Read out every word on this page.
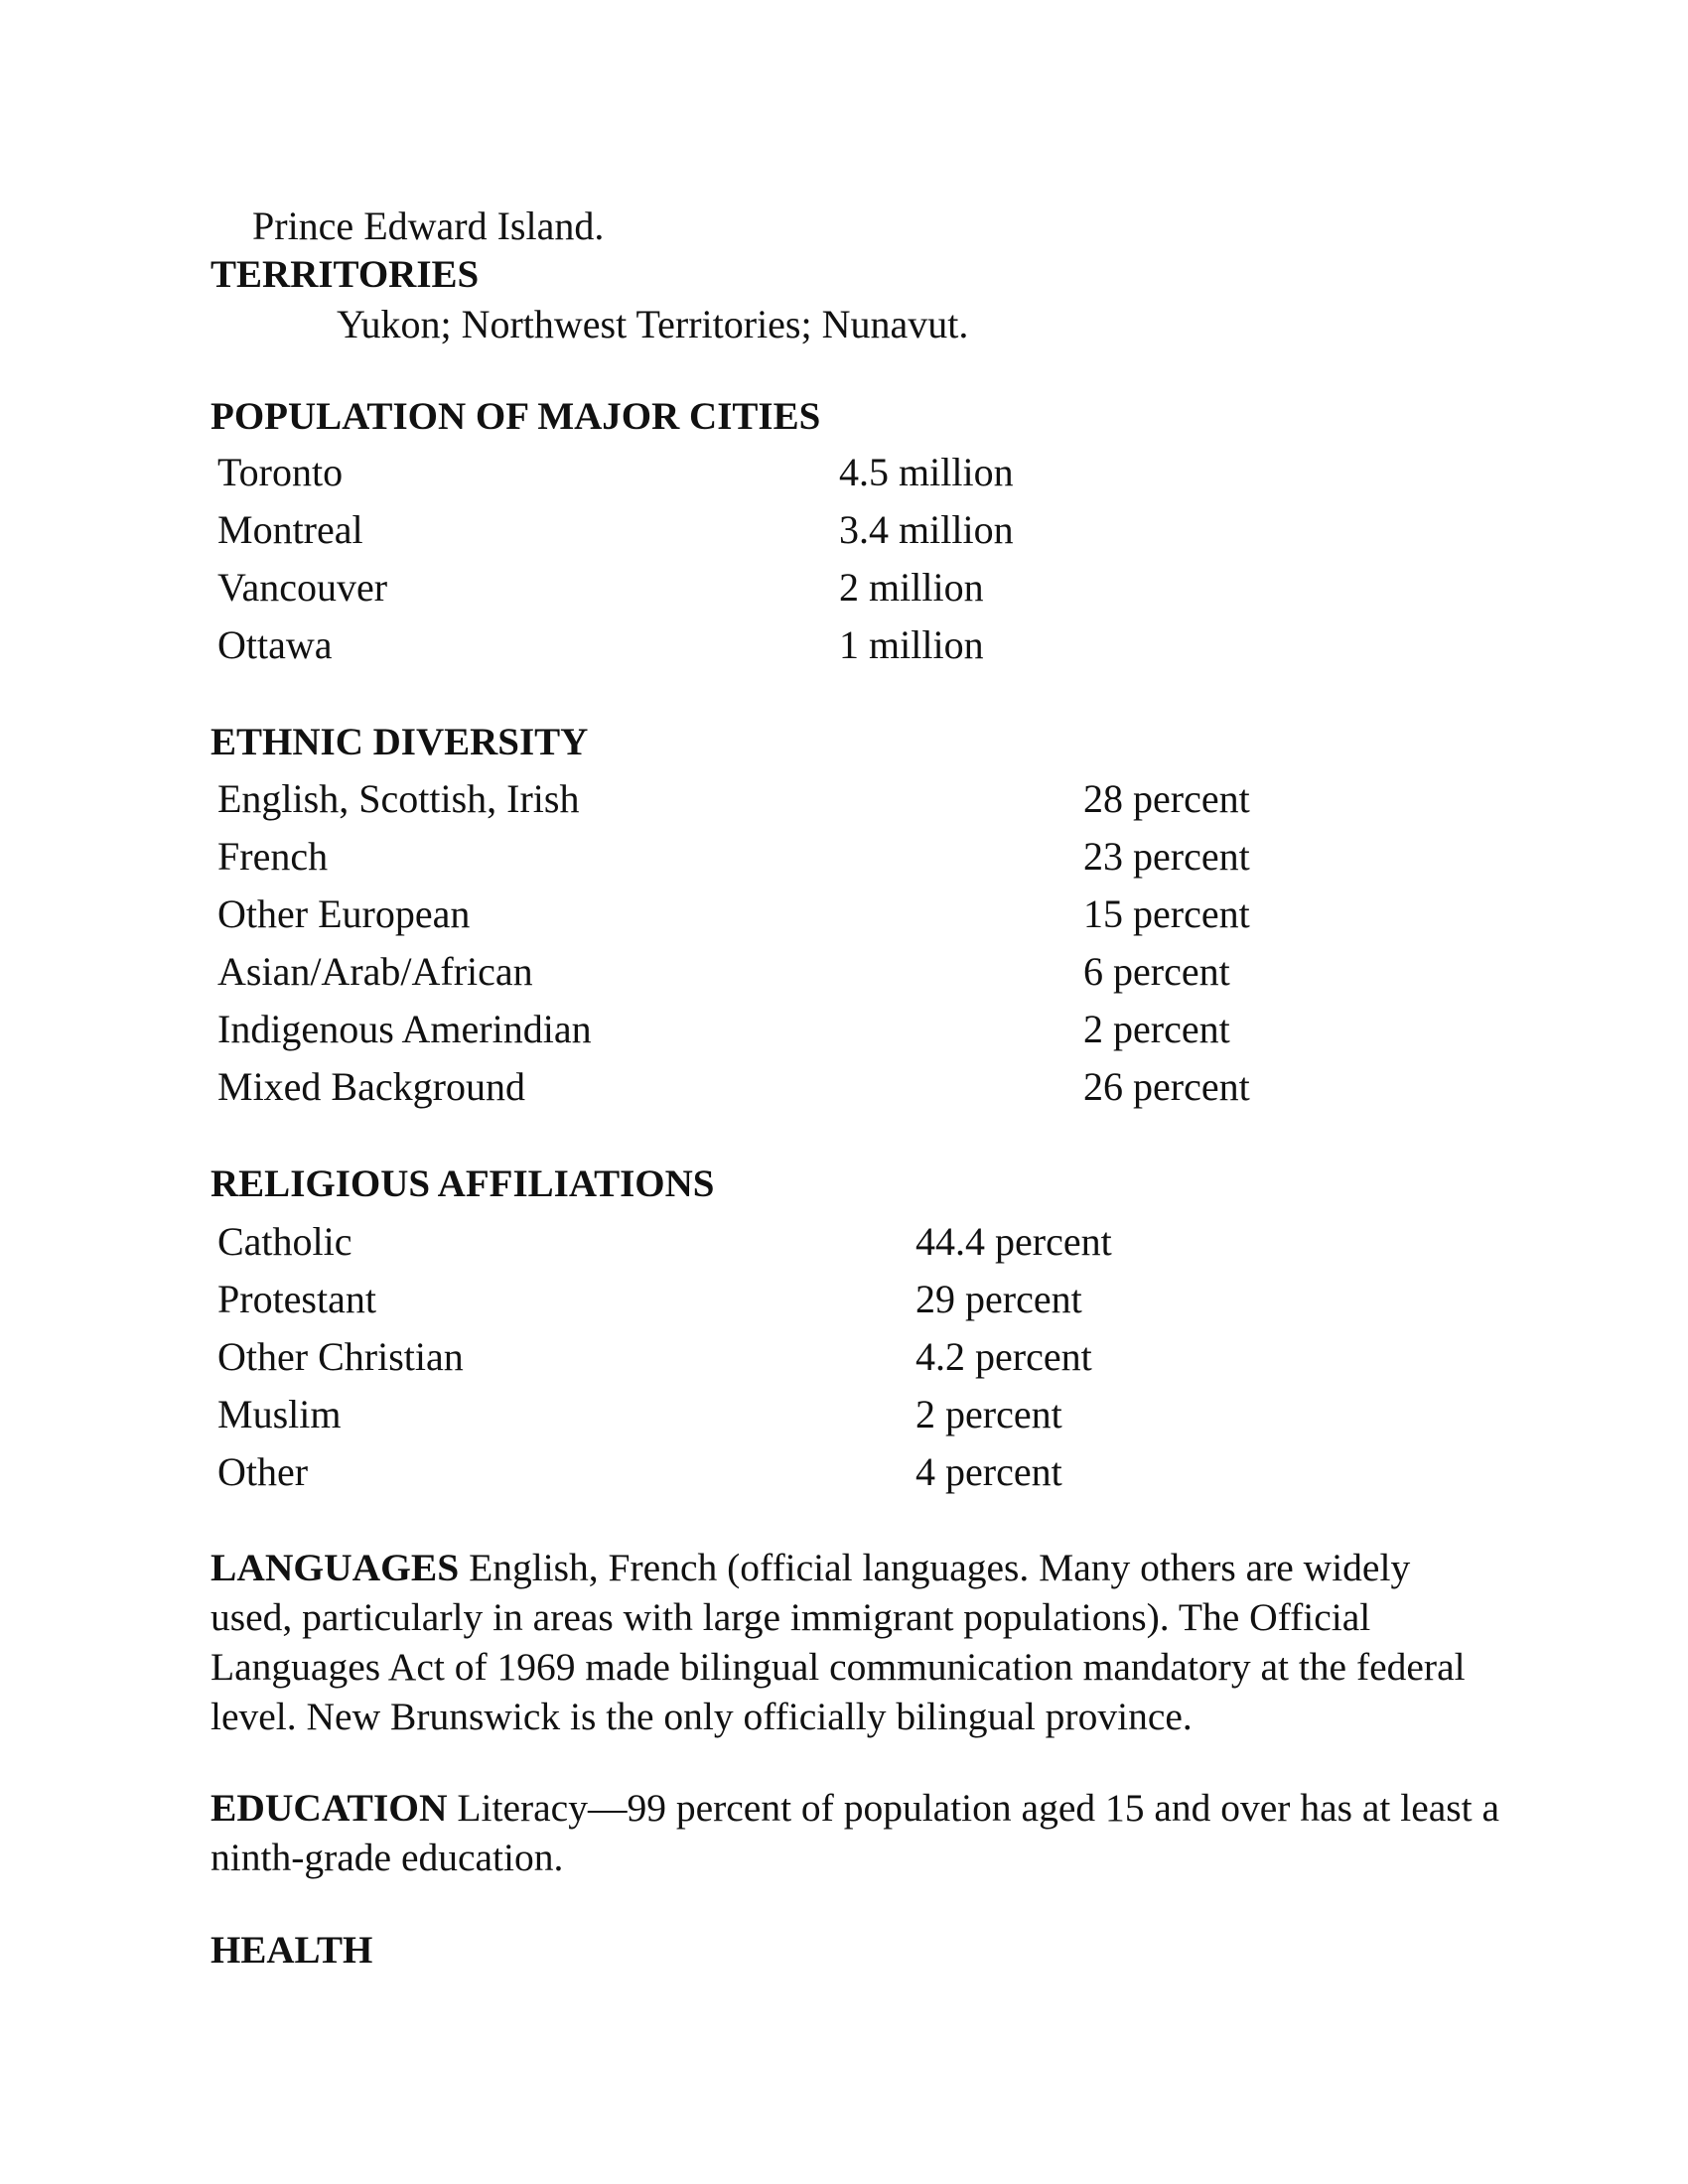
Prince Edward Island.
TERRITORIES
Yukon; Northwest Territories; Nunavut.
POPULATION OF MAJOR CITIES
Toronto	4.5 million
Montreal	3.4 million
Vancouver	2 million
Ottawa	1 million
ETHNIC DIVERSITY
English, Scottish, Irish	28 percent
French	23 percent
Other European	15 percent
Asian/Arab/African	6 percent
Indigenous Amerindian	2 percent
Mixed Background	26 percent
RELIGIOUS AFFILIATIONS
Catholic	44.4 percent
Protestant	29 percent
Other Christian	4.2 percent
Muslim	2 percent
Other	4 percent
LANGUAGES English, French (official languages. Many others are widely used, particularly in areas with large immigrant populations). The Official Languages Act of 1969 made bilingual communication mandatory at the federal level. New Brunswick is the only officially bilingual province.
EDUCATION Literacy—99 percent of population aged 15 and over has at least a ninth-grade education.
HEALTH
